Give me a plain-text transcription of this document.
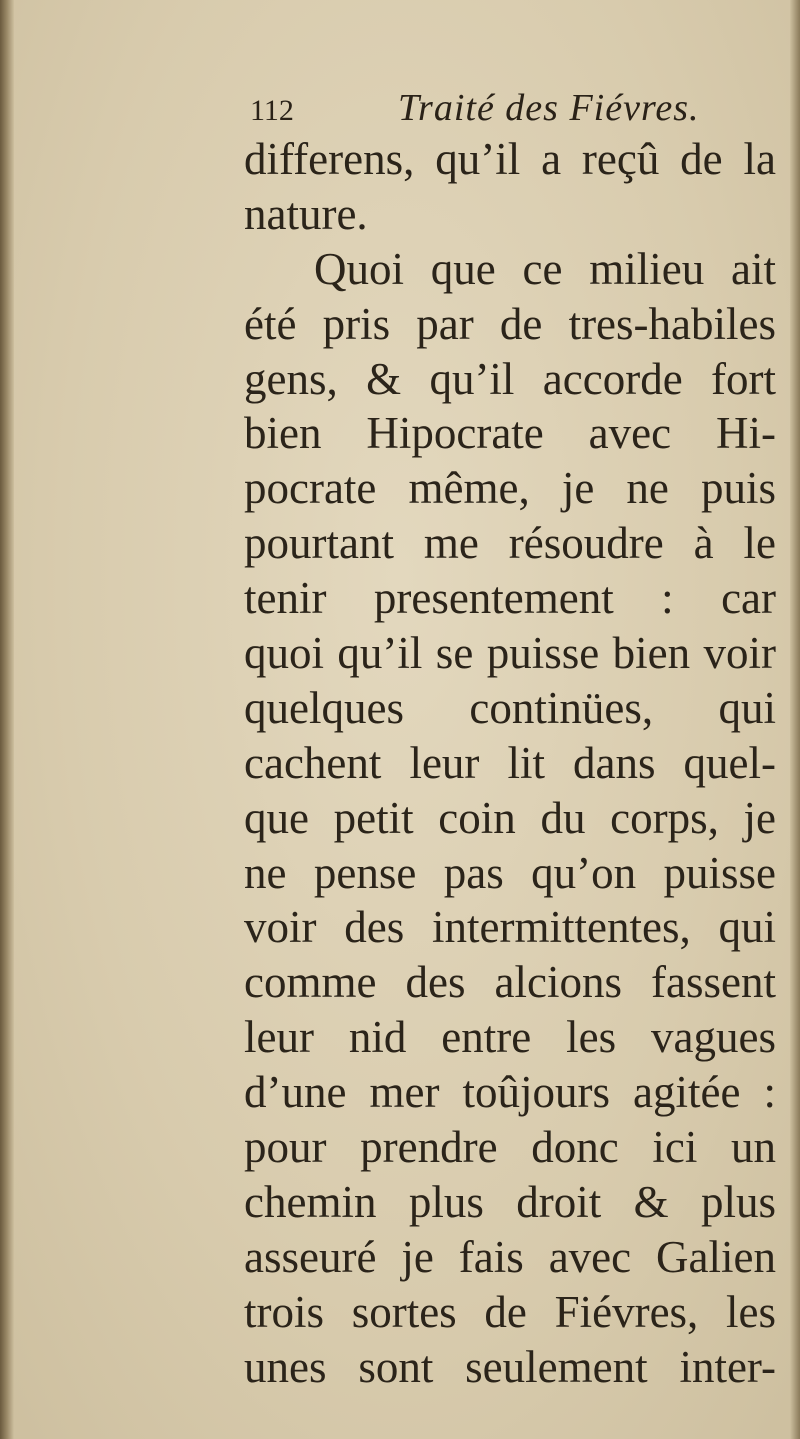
112	Traité des Fiévres.
differens, qu’il a reçû de la
nature.
Quoi que ce milieu ait
été pris par de tres-habiles
gens, & qu’il accorde fort
bien Hipocrate avec Hi-
pocrate même, je ne puis
pourtant me résoudre à le
tenir presentement : car
quoi qu’il se puisse bien voir
quelques continües, qui
cachent leur lit dans quel-
que petit coin du corps, je
ne pense pas qu’on puisse
voir des intermittentes, qui
comme des alcions fassent
leur nid entre les vagues
d’une mer toûjours agitée :
pour prendre donc ici un
chemin plus droit & plus
asseuré je fais avec Galien
trois sortes de Fiévres, les
unes sont seulement inter-
